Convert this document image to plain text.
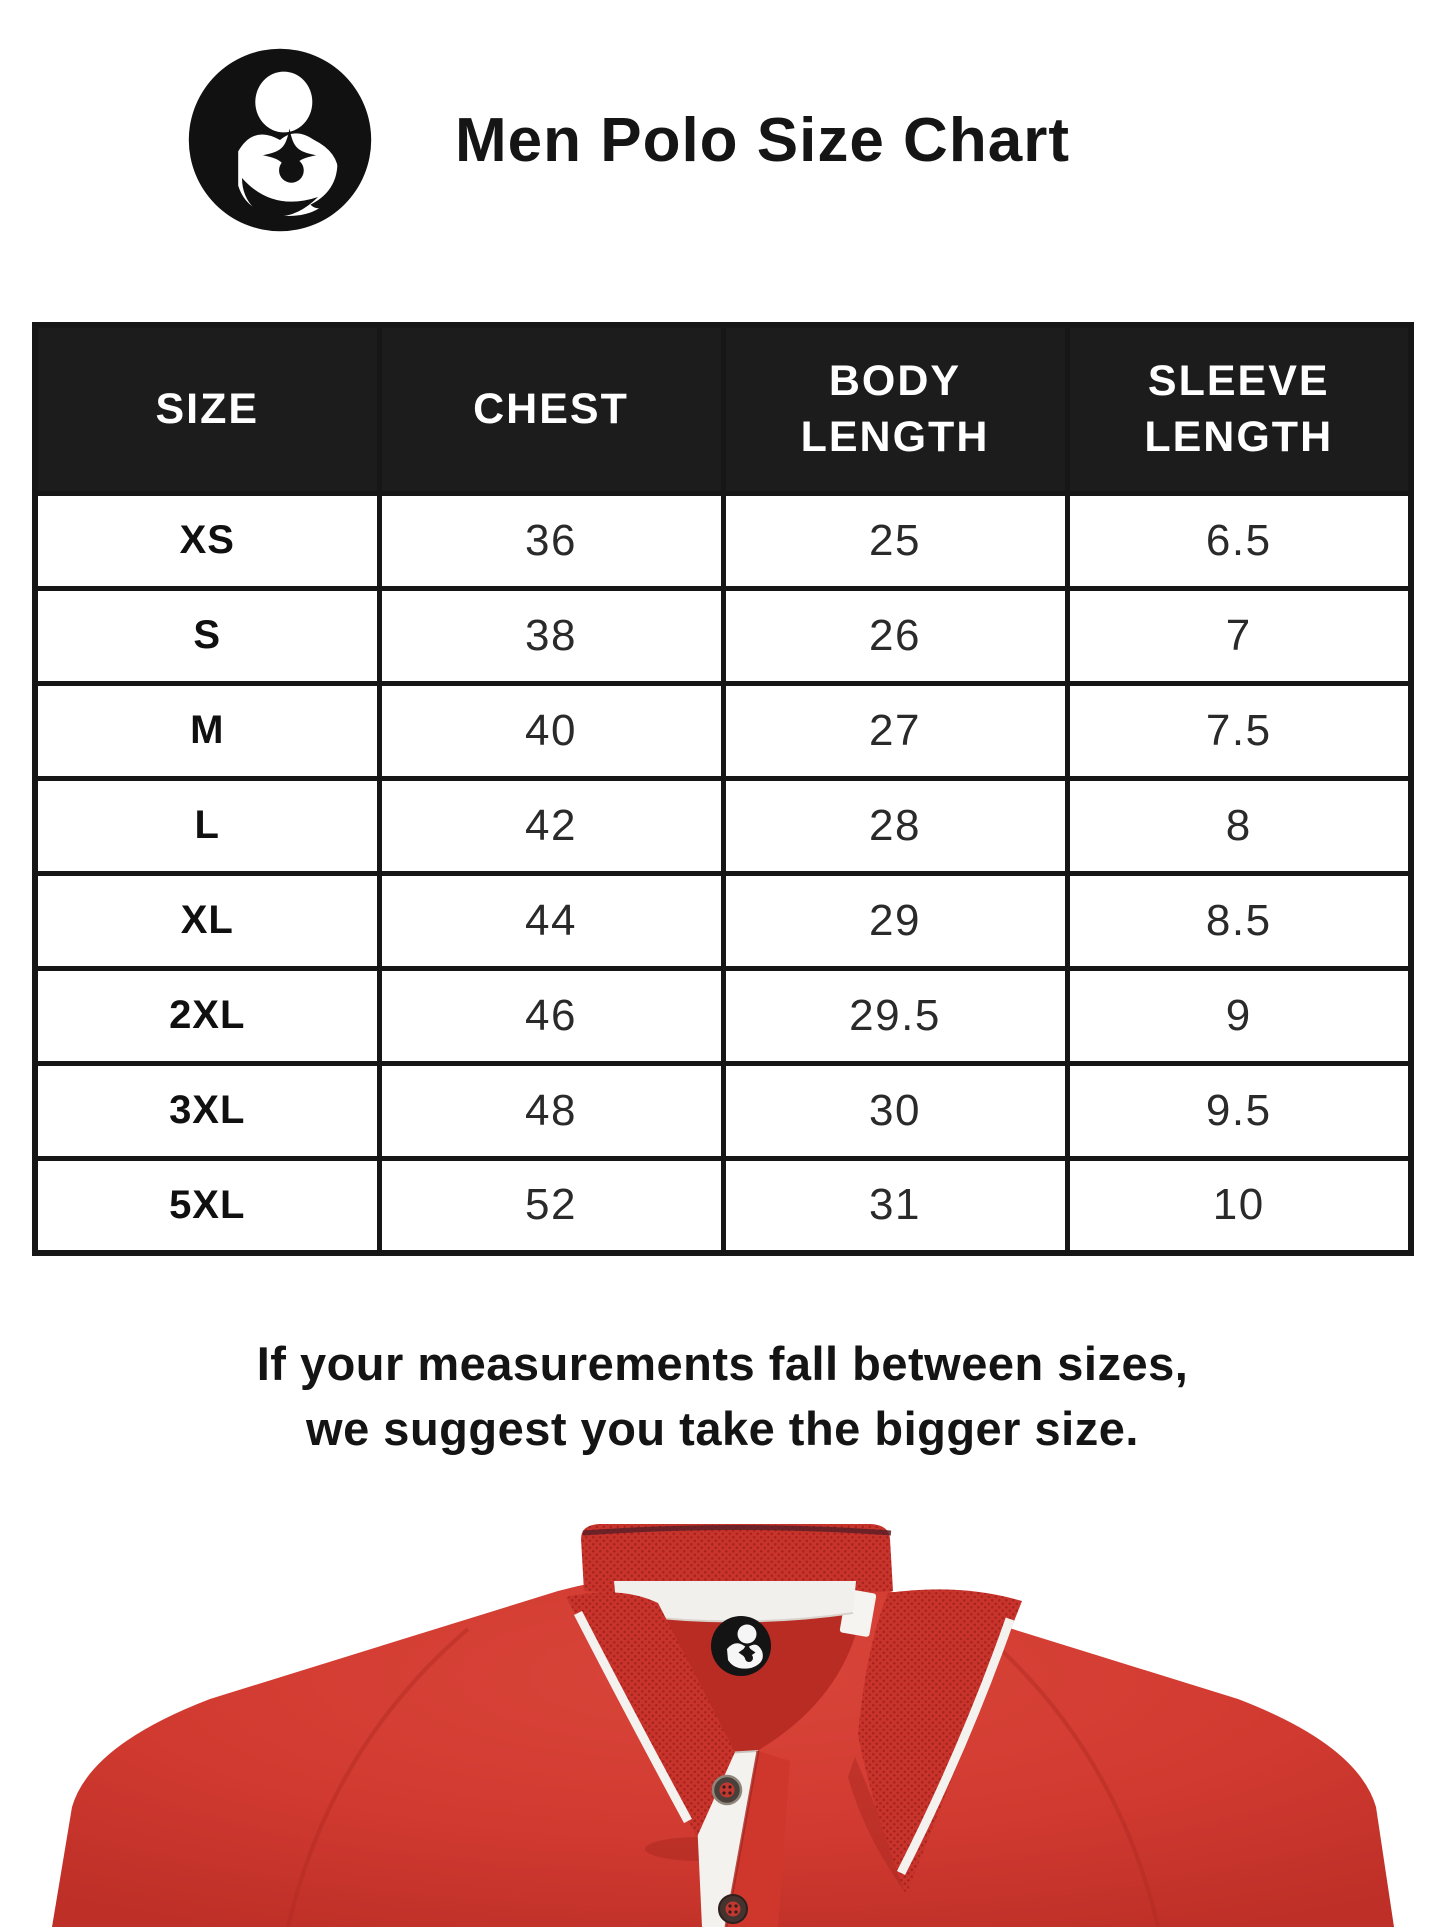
Men Polo Size Chart
SIZE	CHEST	BODY LENGTH	SLEEVE LENGTH

XS	36	25	6.5
S	38	26	7
M	40	27	7.5
L	42	28	8
XL	44	29	8.5
2XL	46	29.5	9
3XL	48	30	9.5
5XL	52	31	10

If your measurements fall between sizes,
we suggest you take the bigger size.
